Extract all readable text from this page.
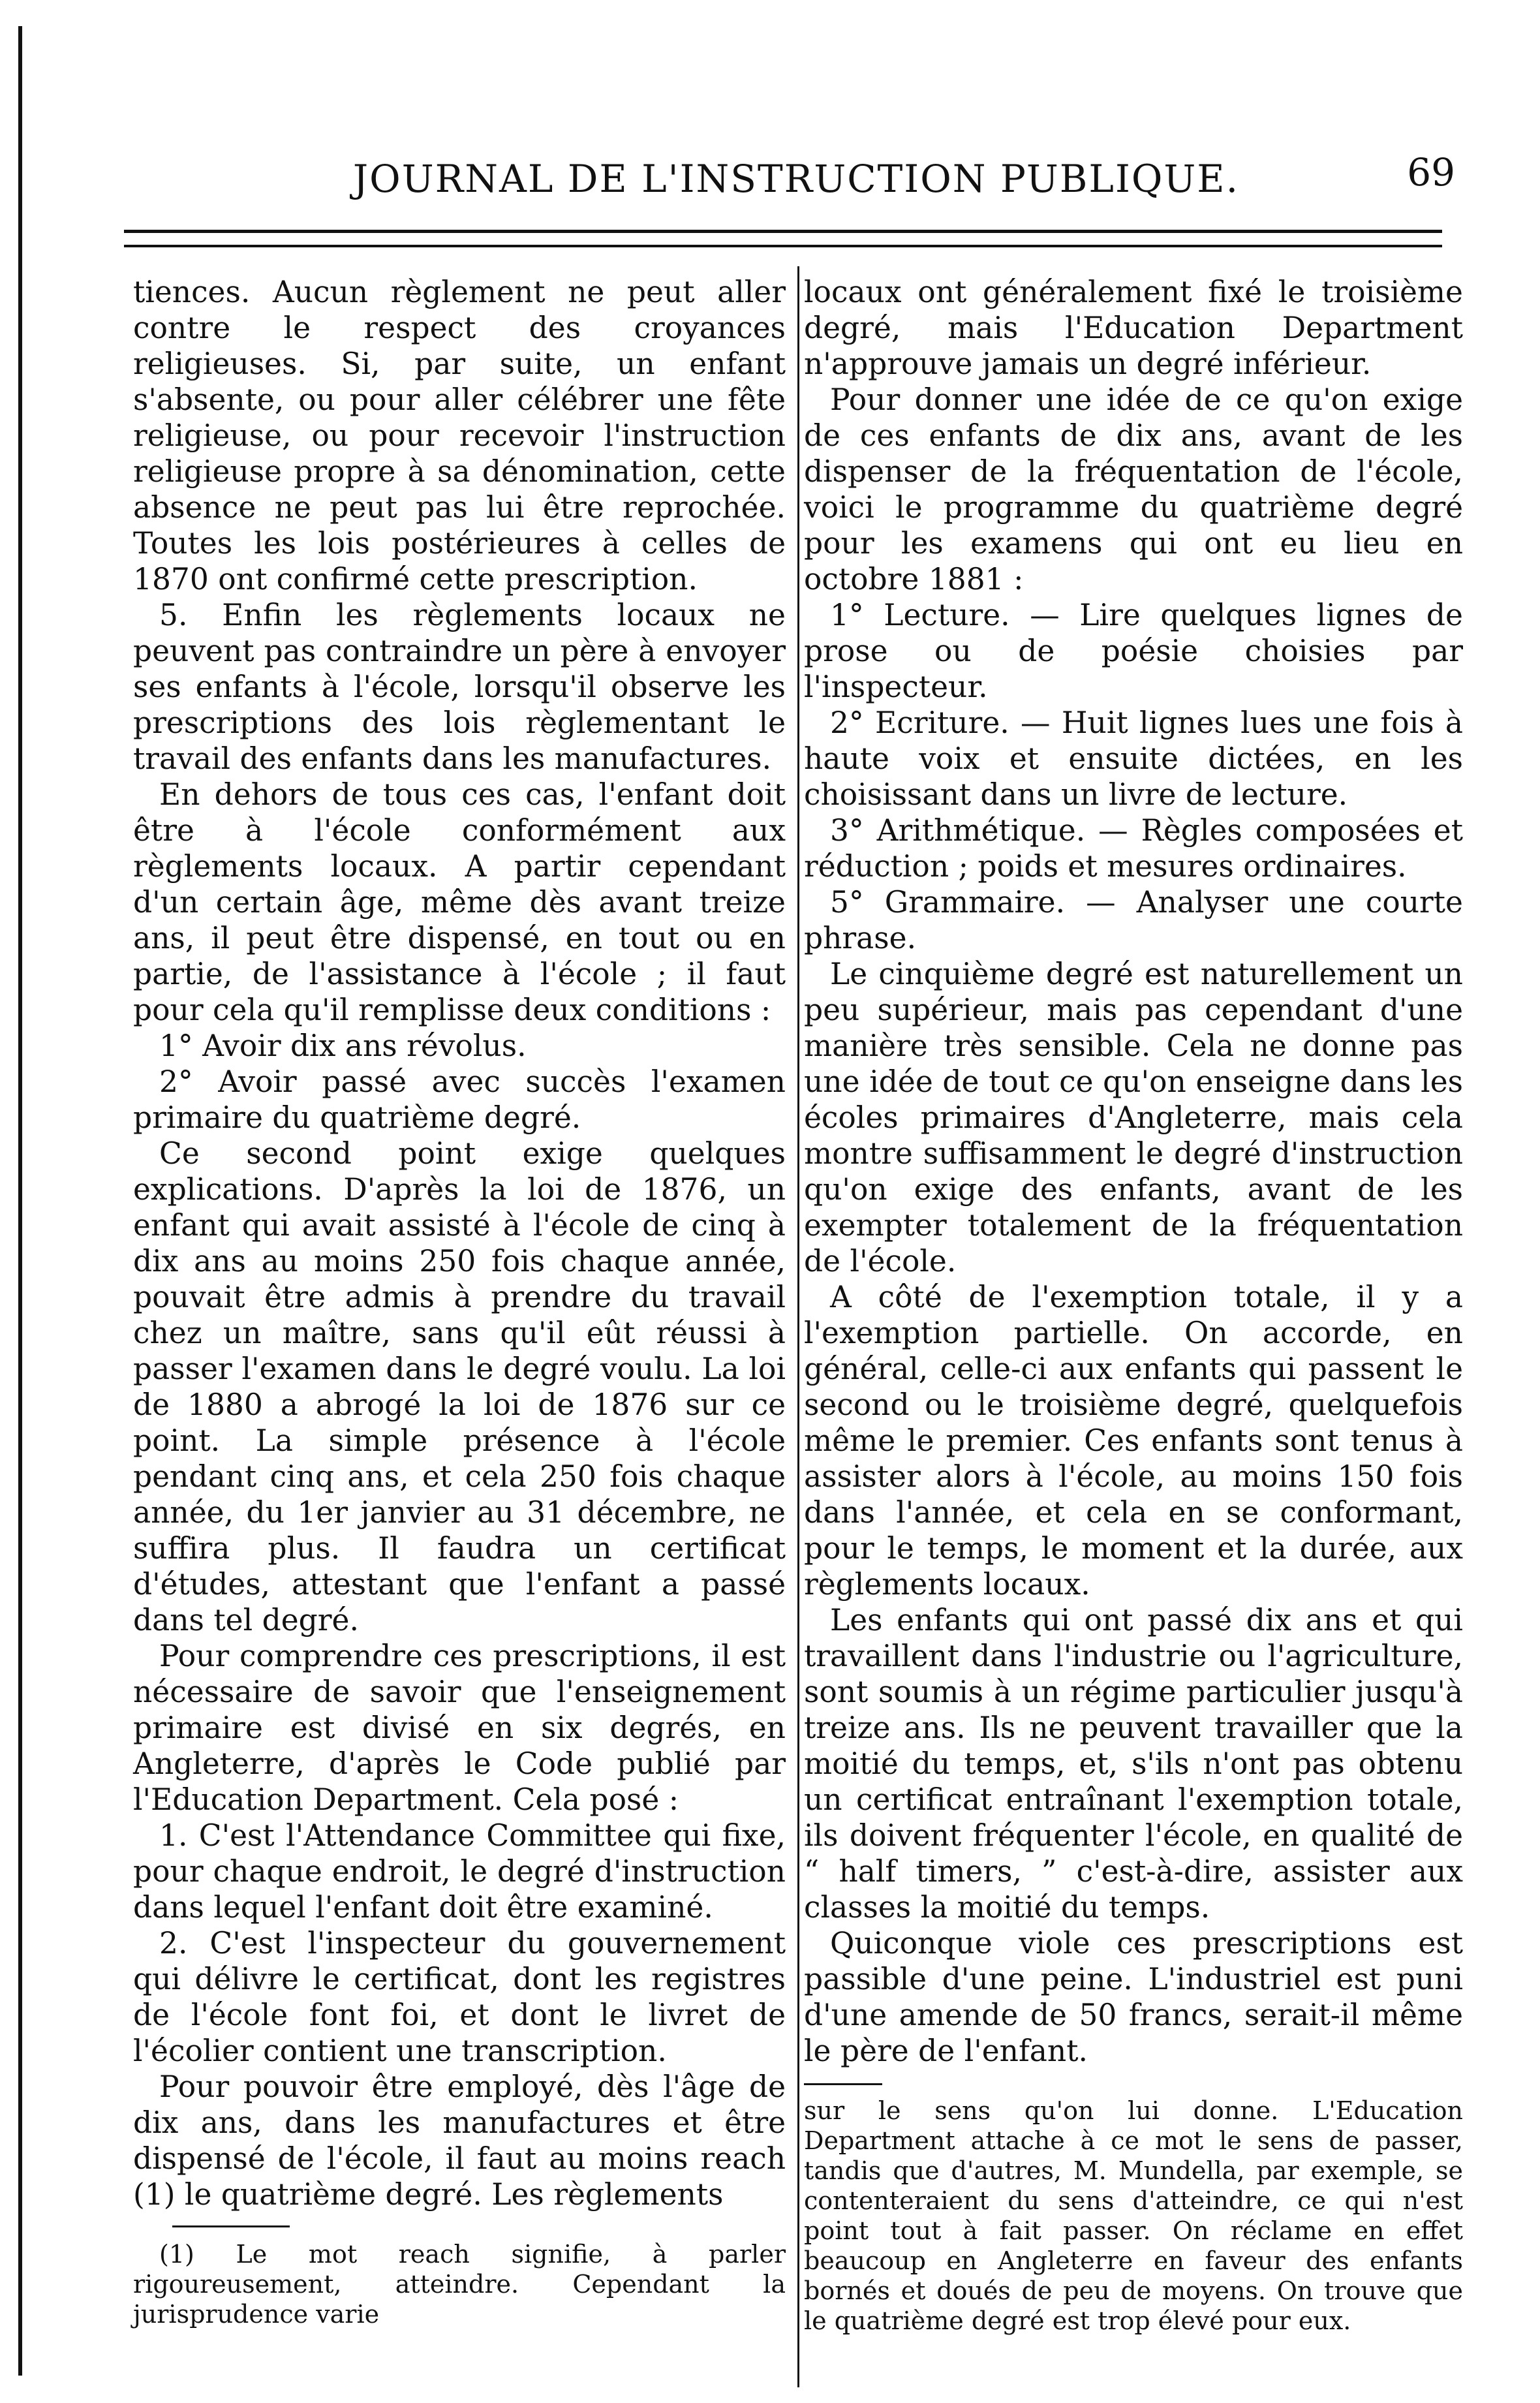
JOURNAL DE L'INSTRUCTION PUBLIQUE.	69

tiences. Aucun règlement ne peut aller contre le respect des croyances religieuses. Si, par suite, un enfant s'absente, ou pour aller célébrer une fête religieuse, ou pour recevoir l'instruction religieuse propre à sa dénomination, cette absence ne peut pas lui être reprochée. Toutes les lois postérieures à celles de 1870 ont confirmé cette prescription.

5. Enfin les règlements locaux ne peuvent pas contraindre un père à envoyer ses enfants à l'école, lorsqu'il observe les prescriptions des lois règlementant le travail des enfants dans les manufactures.

En dehors de tous ces cas, l'enfant doit être à l'école conformément aux règlements locaux. A partir cependant d'un certain âge, même dès avant treize ans, il peut être dispensé, en tout ou en partie, de l'assistance à l'école ; il faut pour cela qu'il remplisse deux conditions :

1° Avoir dix ans révolus.

2° Avoir passé avec succès l'examen primaire du quatrième degré.

Ce second point exige quelques explications. D'après la loi de 1876, un enfant qui avait assisté à l'école de cinq à dix ans au moins 250 fois chaque année, pouvait être admis à prendre du travail chez un maître, sans qu'il eût réussi à passer l'examen dans le degré voulu. La loi de 1880 a abrogé la loi de 1876 sur ce point. La simple présence à l'école pendant cinq ans, et cela 250 fois chaque année, du 1er janvier au 31 décembre, ne suffira plus. Il faudra un certificat d'études, attestant que l'enfant a passé dans tel degré.

Pour comprendre ces prescriptions, il est nécessaire de savoir que l'enseignement primaire est divisé en six degrés, en Angleterre, d'après le Code publié par l'Education Department. Cela posé :

1. C'est l'Attendance Committee qui fixe, pour chaque endroit, le degré d'instruction dans lequel l'enfant doit être examiné.

2. C'est l'inspecteur du gouvernement qui délivre le certificat, dont les registres de l'école font foi, et dont le livret de l'écolier contient une transcription.

Pour pouvoir être employé, dès l'âge de dix ans, dans les manufactures et être dispensé de l'école, il faut au moins reach (1) le quatrième degré. Les règlements

(1) Le mot reach signifie, à parler rigoureusement, atteindre. Cependant la jurisprudence varie

locaux ont généralement fixé le troisième degré, mais l'Education Department n'approuve jamais un degré inférieur.

Pour donner une idée de ce qu'on exige de ces enfants de dix ans, avant de les dispenser de la fréquentation de l'école, voici le programme du quatrième degré pour les examens qui ont eu lieu en octobre 1881 :

1° Lecture. — Lire quelques lignes de prose ou de poésie choisies par l'inspecteur.

2° Ecriture. — Huit lignes lues une fois à haute voix et ensuite dictées, en les choisissant dans un livre de lecture.

3° Arithmétique. — Règles composées et réduction ; poids et mesures ordinaires.

5° Grammaire. — Analyser une courte phrase.

Le cinquième degré est naturellement un peu supérieur, mais pas cependant d'une manière très sensible. Cela ne donne pas une idée de tout ce qu'on enseigne dans les écoles primaires d'Angleterre, mais cela montre suffisamment le degré d'instruction qu'on exige des enfants, avant de les exempter totalement de la fréquentation de l'école.

A côté de l'exemption totale, il y a l'exemption partielle. On accorde, en général, celle-ci aux enfants qui passent le second ou le troisième degré, quelquefois même le premier. Ces enfants sont tenus à assister alors à l'école, au moins 150 fois dans l'année, et cela en se conformant, pour le temps, le moment et la durée, aux règlements locaux.

Les enfants qui ont passé dix ans et qui travaillent dans l'industrie ou l'agriculture, sont soumis à un régime particulier jusqu'à treize ans. Ils ne peuvent travailler que la moitié du temps, et, s'ils n'ont pas obtenu un certificat entraînant l'exemption totale, ils doivent fréquenter l'école, en qualité de “ half timers, ” c'est-à-dire, assister aux classes la moitié du temps.

Quiconque viole ces prescriptions est passible d'une peine. L'industriel est puni d'une amende de 50 francs, serait-il même le père de l'enfant.

sur le sens qu'on lui donne. L'Education Department attache à ce mot le sens de passer, tandis que d'autres, M. Mundella, par exemple, se contenteraient du sens d'atteindre, ce qui n'est point tout à fait passer. On réclame en effet beaucoup en Angleterre en faveur des enfants bornés et doués de peu de moyens. On trouve que le quatrième degré est trop élevé pour eux.
